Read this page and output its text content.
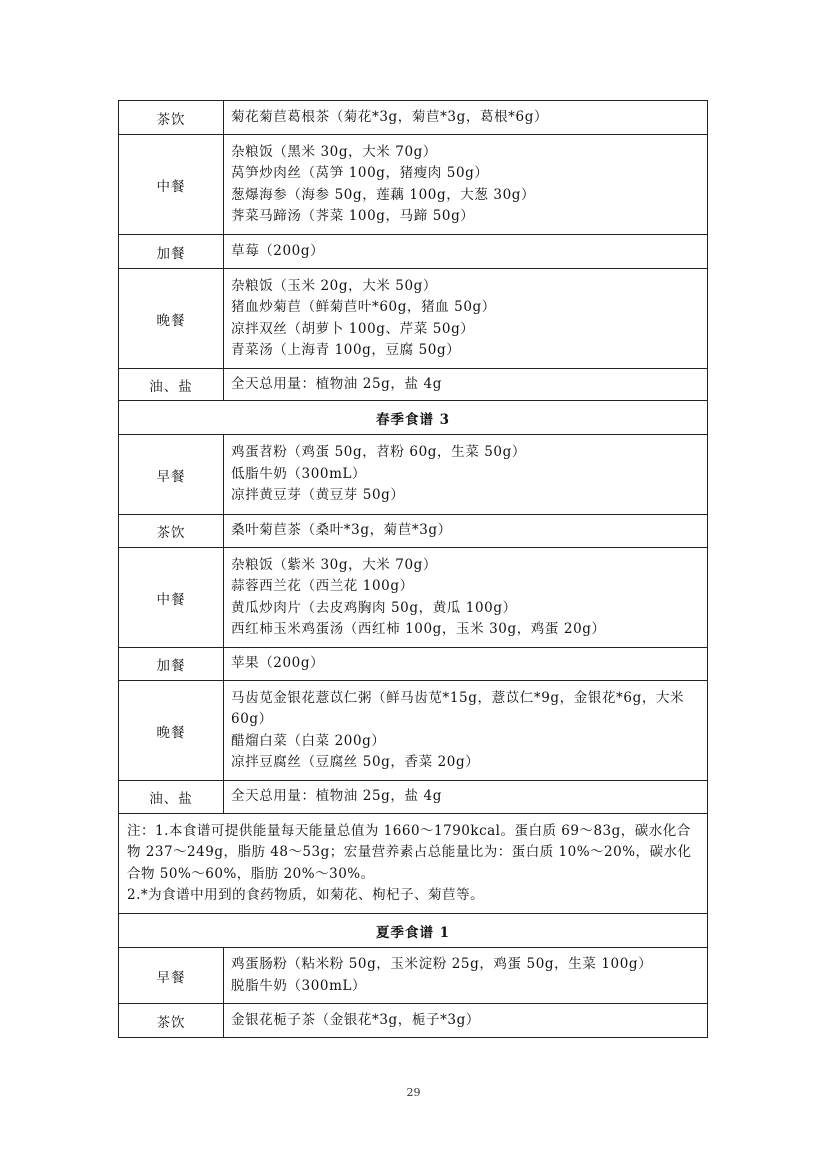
茶饮	菊花菊苣葛根茶（菊花*3g，菊苣*3g，葛根*6g）

中餐	杂粮饭（黑米 30g，大米 70g）
莴笋炒肉丝（莴笋 100g，猪瘦肉 50g）
葱爆海参（海参 50g，莲藕 100g，大葱 30g）
荠菜马蹄汤（荠菜 100g，马蹄 50g）

加餐	草莓（200g）

晚餐	杂粮饭（玉米 20g，大米 50g）
猪血炒菊苣（鲜菊苣叶*60g，猪血 50g）
凉拌双丝（胡萝卜 100g、芹菜 50g）
青菜汤（上海青 100g，豆腐 50g）

油、盐	全天总用量：植物油 25g，盐 4g

春季食谱 3	
早餐	鸡蛋苕粉（鸡蛋 50g，苕粉 60g，生菜 50g）
低脂牛奶（300mL）
凉拌黄豆芽（黄豆芽 50g）

茶饮	桑叶菊苣茶（桑叶*3g，菊苣*3g）

中餐	杂粮饭（紫米 30g，大米 70g）
蒜蓉西兰花（西兰花 100g）
黄瓜炒肉片（去皮鸡胸肉 50g，黄瓜 100g）
西红柿玉米鸡蛋汤（西红柿 100g，玉米 30g，鸡蛋 20g）

加餐	苹果（200g）

晚餐	马齿苋金银花薏苡仁粥（鲜马齿苋*15g，薏苡仁*9g，金银花*6g，大米 60g）
醋熘白菜（白菜 200g）
凉拌豆腐丝（豆腐丝 50g，香菜 20g）

油、盐	全天总用量：植物油 25g，盐 4g

注：1.本食谱可提供能量每天能量总值为 1660～1790kcal。蛋白质 69～83g，碳水化合物 237～249g，脂肪 48～53g；宏量营养素占总能量比为：蛋白质 10%～20%，碳水化合物 50%～60%，脂肪 20%～30%。
2.*为食谱中用到的食药物质，如菊花、枸杞子、菊苣等。	

夏季食谱 1	
早餐	鸡蛋肠粉（粘米粉 50g，玉米淀粉 25g，鸡蛋 50g，生菜 100g）
脱脂牛奶（300mL）

茶饮	金银花栀子茶（金银花*3g，栀子*3g）
29
